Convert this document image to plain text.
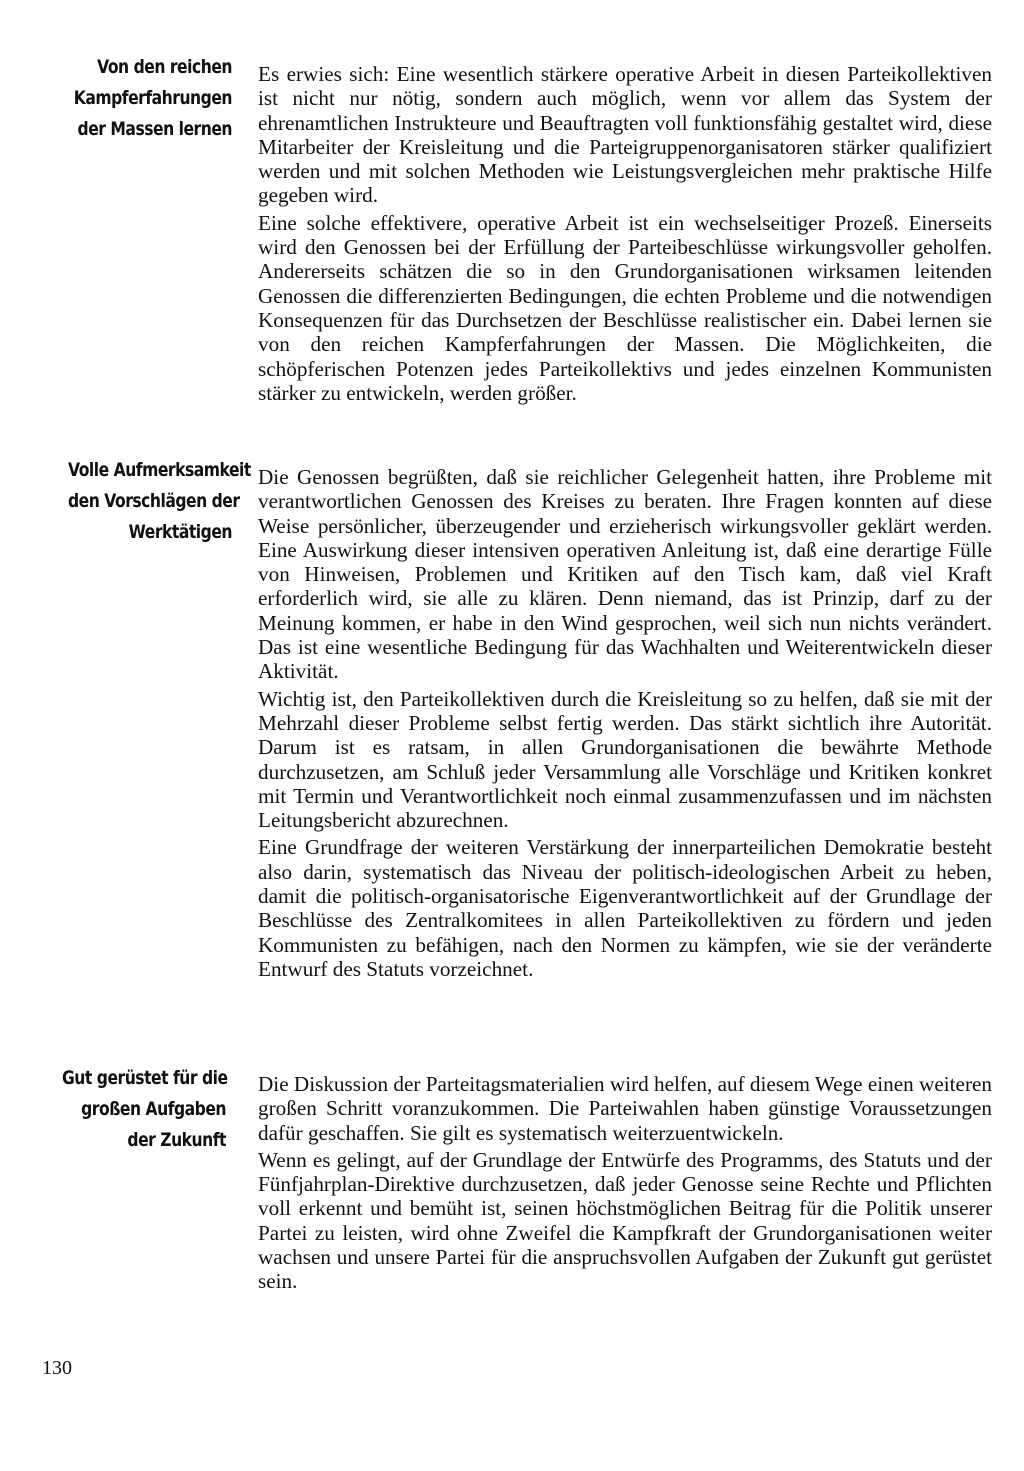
Von den reichen
Kampferfahrungen
der Massen lernen

Es erwies sich: Eine wesentlich stärkere operative Arbeit in diesen Parteikollektiven ist nicht nur nötig, sondern auch möglich, wenn vor allem das System der ehrenamtlichen Instrukteure und Beauftragten voll funktionsfähig gestaltet wird, diese Mitarbeiter der Kreisleitung und die Parteigruppenorganisatoren stärker qualifiziert werden und mit solchen Methoden wie Leistungsvergleichen mehr praktische Hilfe gegeben wird.

Eine solche effektivere, operative Arbeit ist ein wechselseitiger Prozeß. Einerseits wird den Genossen bei der Erfüllung der Parteibeschlüsse wirkungsvoller geholfen. Andererseits schätzen die so in den Grundorganisationen wirksamen leitenden Genossen die differenzierten Bedingungen, die echten Probleme und die notwendigen Konsequenzen für das Durchsetzen der Beschlüsse realistischer ein. Dabei lernen sie von den reichen Kampferfahrungen der Massen. Die Möglichkeiten, die schöpferischen Potenzen jedes Parteikollektivs und jedes einzelnen Kommunisten stärker zu entwickeln, werden größer.

Volle Aufmerksamkeit
den Vorschlägen der
Werktätigen

Die Genossen begrüßten, daß sie reichlicher Gelegenheit hatten, ihre Probleme mit verantwortlichen Genossen des Kreises zu beraten. Ihre Fragen konnten auf diese Weise persönlicher, überzeugender und erzieherisch wirkungsvoller geklärt werden. Eine Auswirkung dieser intensiven operativen Anleitung ist, daß eine derartige Fülle von Hinweisen, Problemen und Kritiken auf den Tisch kam, daß viel Kraft erforderlich wird, sie alle zu klären. Denn niemand, das ist Prinzip, darf zu der Meinung kommen, er habe in den Wind gesprochen, weil sich nun nichts verändert. Das ist eine wesentliche Bedingung für das Wachhalten und Weiterentwickeln dieser Aktivität.

Wichtig ist, den Parteikollektiven durch die Kreisleitung so zu helfen, daß sie mit der Mehrzahl dieser Probleme selbst fertig werden. Das stärkt sichtlich ihre Autorität. Darum ist es ratsam, in allen Grundorganisationen die bewährte Methode durchzusetzen, am Schluß jeder Versammlung alle Vorschläge und Kritiken konkret mit Termin und Verantwortlichkeit noch einmal zusammenzufassen und im nächsten Leitungsbericht abzurechnen.

Eine Grundfrage der weiteren Verstärkung der innerparteilichen Demokratie besteht also darin, systematisch das Niveau der politisch-ideologischen Arbeit zu heben, damit die politisch-organisatorische Eigenverantwortlichkeit auf der Grundlage der Beschlüsse des Zentralkomitees in allen Parteikollektiven zu fördern und jeden Kommunisten zu befähigen, nach den Normen zu kämpfen, wie sie der veränderte Entwurf des Statuts vorzeichnet.

Gut gerüstet für die
großen Aufgaben
der Zukunft

Die Diskussion der Parteitagsmaterialien wird helfen, auf diesem Wege einen weiteren großen Schritt voranzukommen. Die Parteiwahlen haben günstige Voraussetzungen dafür geschaffen. Sie gilt es systematisch weiterzuentwickeln.

Wenn es gelingt, auf der Grundlage der Entwürfe des Programms, des Statuts und der Fünfjahrplan-Direktive durchzusetzen, daß jeder Genosse seine Rechte und Pflichten voll erkennt und bemüht ist, seinen höchstmöglichen Beitrag für die Politik unserer Partei zu leisten, wird ohne Zweifel die Kampfkraft der Grundorganisationen weiter wachsen und unsere Partei für die anspruchsvollen Aufgaben der Zukunft gut gerüstet sein.

130
